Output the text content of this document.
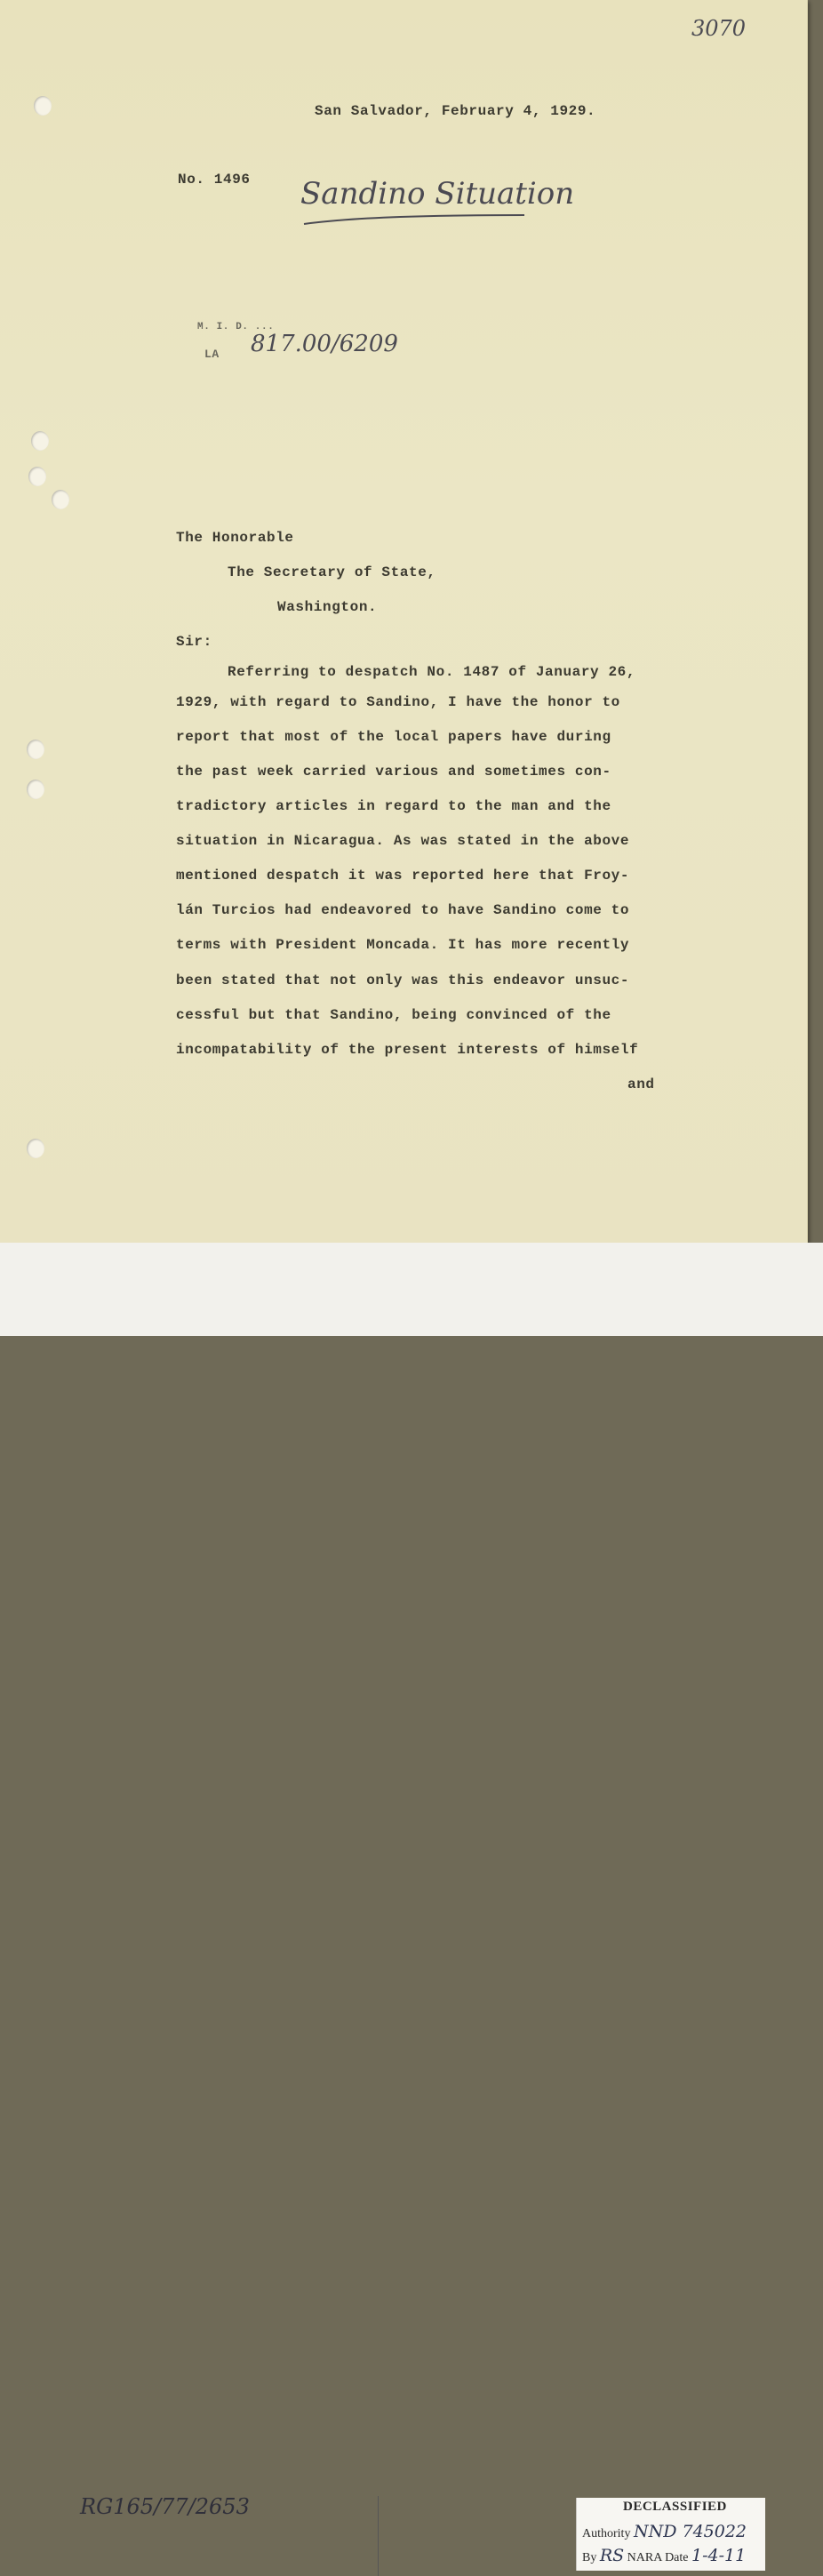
3070
San Salvador, February 4, 1929.
No. 1496 Sandino Situation
M. I. D. ...
LA 817.00/6209
The Honorable
The Secretary of State,
Washington.
Sir:
Referring to despatch No. 1487 of January 26,
1929, with regard to Sandino, I have the honor to
report that most of the local papers have during
the past week carried various and sometimes con-
tradictory articles in regard to the man and the
situation in Nicaragua. As was stated in the above
mentioned despatch it was reported here that Froy-
lán Turcios had endeavored to have Sandino come to
terms with President Moncada. It has more recently
been stated that not only was this endeavor unsuc-
cessful but that Sandino, being convinced of the
incompatability of the present interests of himself
and
RG165/77/2653	DECLASSIFIED
Authority NND 745022
By RS NARA Date 1-4-11
